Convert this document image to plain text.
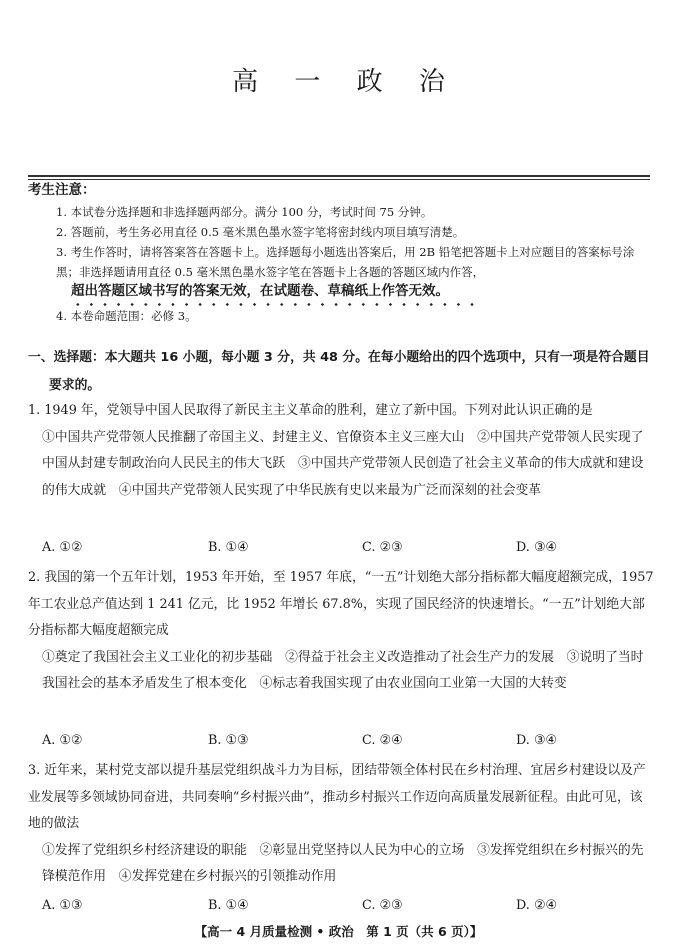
高 一 政 治
考生注意：
1. 本试卷分选择题和非选择题两部分。满分 100 分，考试时间 75 分钟。
2. 答题前，考生务必用直径 0.5 毫米黑色墨水签字笔将密封线内项目填写清楚。
3. 考生作答时，请将答案答在答题卡上。选择题每小题选出答案后，用 2B 铅笔把答题卡上对应题目的答案标号涂黑；非选择题请用直径 0.5 毫米黑色墨水签字笔在答题卡上各题的答题区域内作答，
超出答题区域书写的答案无效，在试题卷、草稿纸上作答无效。
4. 本卷命题范围：必修 3。
一、选择题：本大题共 16 小题，每小题 3 分，共 48 分。在每小题给出的四个选项中，只有一项是符合题目
要求的。
1. 1949 年，党领导中国人民取得了新民主主义革命的胜利，建立了新中国。下列对此认识正确的是
①中国共产党带领人民推翻了帝国主义、封建主义、官僚资本主义三座大山　②中国共产党带领人民实现了中国从封建专制政治向人民民主的伟大飞跃　③中国共产党带领人民创造了社会主义革命的伟大成就和建设的伟大成就　④中国共产党带领人民实现了中华民族有史以来最为广泛而深刻的社会变革
A. ①②	B. ①④	C. ②③	D. ③④
2. 我国的第一个五年计划，1953 年开始，至 1957 年底，“一五”计划绝大部分指标都大幅度超额完成，1957 年工农业总产值达到 1 241 亿元，比 1952 年增长 67.8%，实现了国民经济的快速增长。“一五”计划绝大部分指标都大幅度超额完成
①奠定了我国社会主义工业化的初步基础　②得益于社会主义改造推动了社会生产力的发展　③说明了当时我国社会的基本矛盾发生了根本变化　④标志着我国实现了由农业国向工业第一大国的大转变
A. ①②	B. ①③	C. ②④	D. ③④
3. 近年来，某村党支部以提升基层党组织战斗力为目标，团结带领全体村民在乡村治理、宜居乡村建设以及产业发展等多领域协同奋进，共同奏响“乡村振兴曲”，推动乡村振兴工作迈向高质量发展新征程。由此可见，该地的做法
①发挥了党组织乡村经济建设的职能　②彰显出党坚持以人民为中心的立场　③发挥党组织在乡村振兴的先锋模范作用　④发挥党建在乡村振兴的引领推动作用
A. ①③	B. ①④	C. ②③	D. ②④
【高一 4 月质量检测 • 政治　第 1 页（共 6 页）】
